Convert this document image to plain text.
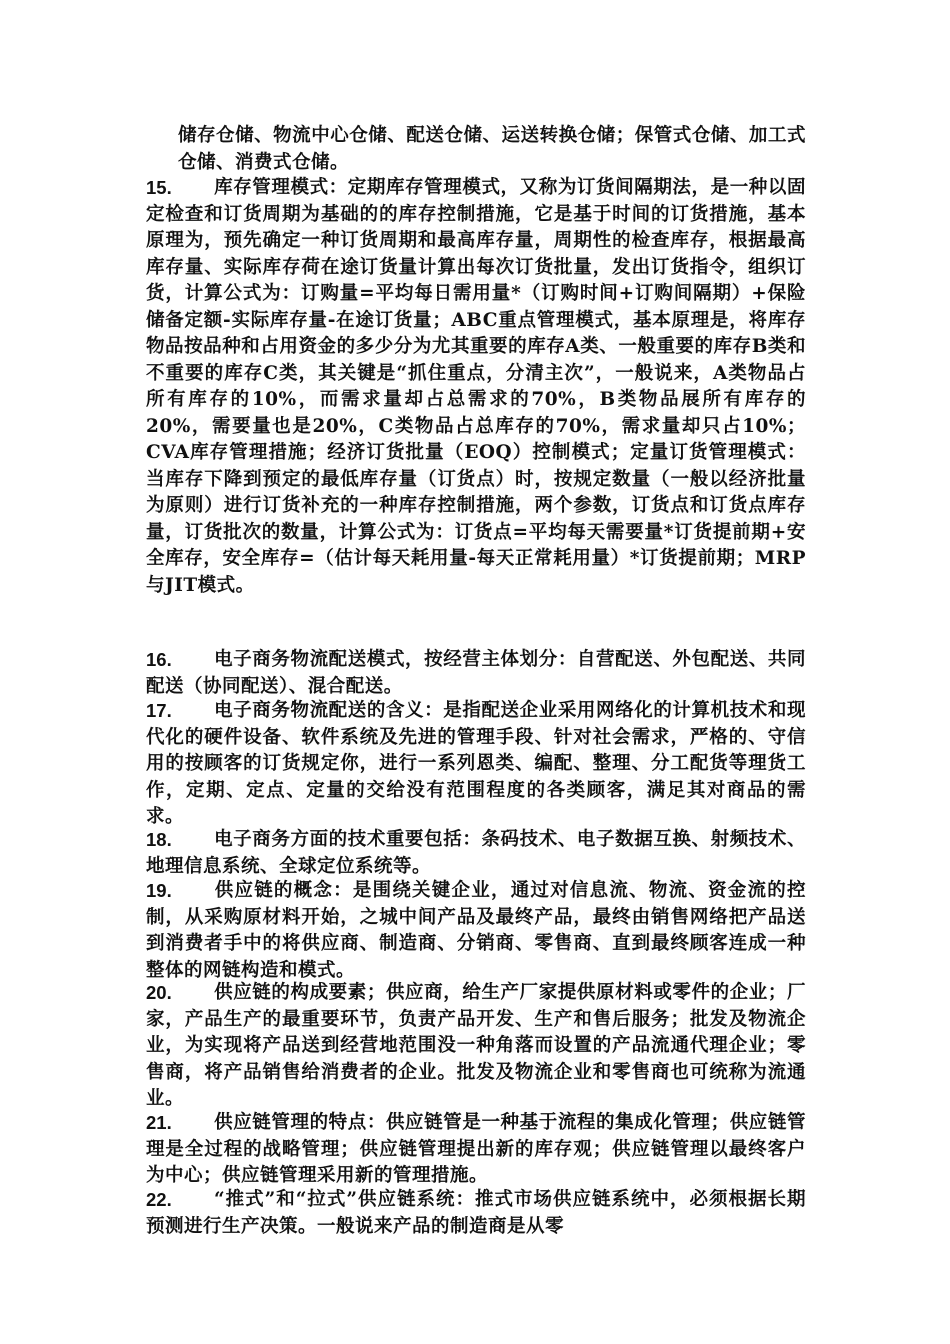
储存仓储、物流中心仓储、配送仓储、运送转换仓储；保管式仓储、加工式仓储、消费式仓储。
15.	库存管理模式：定期库存管理模式，又称为订货间隔期法，是一种以固定检查和订货周期为基础的的库存控制措施，它是基于时间的订货措施，基本原理为，预先确定一种订货周期和最高库存量，周期性的检查库存，根据最高库存量、实际库存荷在途订货量计算出每次订货批量，发出订货指令，组织订货，计算公式为：订购量=平均每日需用量*（订购时间+订购间隔期）+保险储备定额-实际库存量-在途订货量；ABC重点管理模式，基本原理是，将库存物品按品种和占用资金的多少分为尤其重要的库存A类、一般重要的库存B类和不重要的库存C类，其关键是“抓住重点，分清主次”，一般说来，A类物品占所有库存的10%，而需求量却占总需求的70%，B类物品展所有库存的20%，需要量也是20%，C类物品占总库存的70%，需求量却只占10%；CVA库存管理措施；经济订货批量（EOQ）控制模式；定量订货管理模式：当库存下降到预定的最低库存量（订货点）时，按规定数量（一般以经济批量为原则）进行订货补充的一种库存控制措施，两个参数，订货点和订货点库存量，订货批次的数量，计算公式为：订货点=平均每天需要量*订货提前期+安全库存，安全库存=（估计每天耗用量-每天正常耗用量）*订货提前期；MRP与JIT模式。
16.	电子商务物流配送模式，按经营主体划分：自营配送、外包配送、共同配送（协同配送）、混合配送。
17.	电子商务物流配送的含义：是指配送企业采用网络化的计算机技术和现代化的硬件设备、软件系统及先进的管理手段、针对社会需求，严格的、守信用的按顾客的订货规定你，进行一系列恩类、编配、整理、分工配货等理货工作，定期、定点、定量的交给没有范围程度的各类顾客，满足其对商品的需求。
18.	电子商务方面的技术重要包括：条码技术、电子数据互换、射频技术、地理信息系统、全球定位系统等。
19.	供应链的概念：是围绕关键企业，通过对信息流、物流、资金流的控制，从采购原材料开始，之城中间产品及最终产品，最终由销售网络把产品送到消费者手中的将供应商、制造商、分销商、零售商、直到最终顾客连成一种整体的网链构造和模式。
20.	供应链的构成要素；供应商，给生产厂家提供原材料或零件的企业；厂家，产品生产的最重要环节，负责产品开发、生产和售后服务；批发及物流企业，为实现将产品送到经营地范围没一种角落而设置的产品流通代理企业；零售商，将产品销售给消费者的企业。批发及物流企业和零售商也可统称为流通业。
21.	供应链管理的特点：供应链管是一种基于流程的集成化管理；供应链管理是全过程的战略管理；供应链管理提出新的库存观；供应链管理以最终客户为中心；供应链管理采用新的管理措施。
22.	“推式”和“拉式”供应链系统：推式市场供应链系统中，必须根据长期预测进行生产决策。一般说来产品的制造商是从零
